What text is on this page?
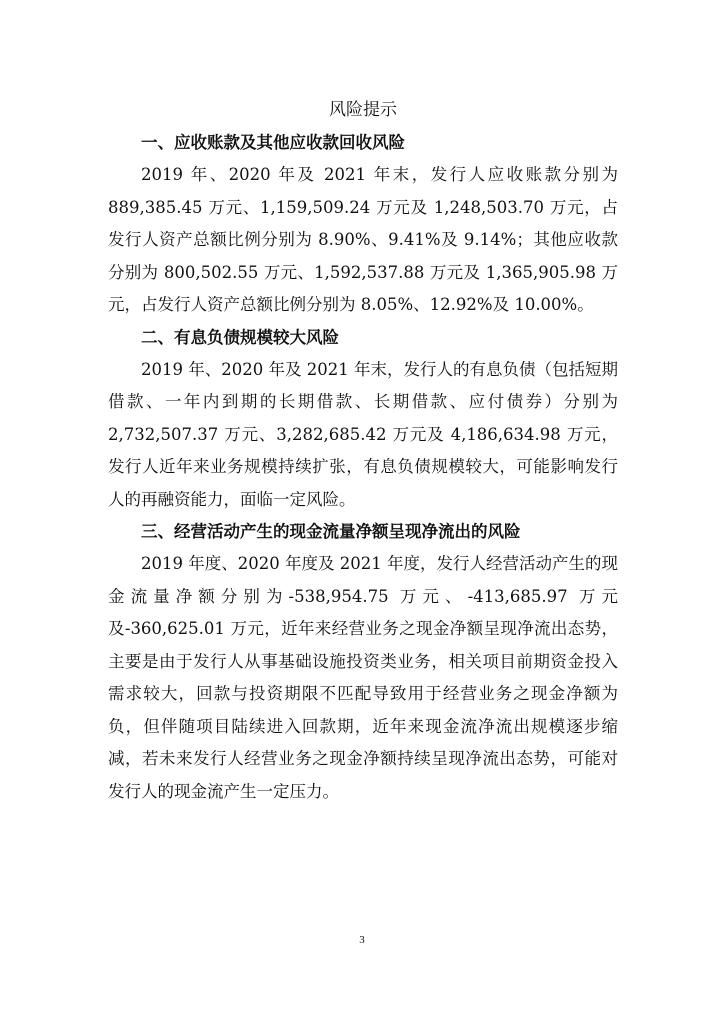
风险提示
一、应收账款及其他应收款回收风险

2019 年、2020 年及 2021 年末，发行人应收账款分别为 889,385.45 万元、1,159,509.24 万元及 1,248,503.70 万元，占发行人资产总额比例分别为 8.90%、9.41%及 9.14%；其他应收款分别为 800,502.55 万元、1,592,537.88 万元及 1,365,905.98 万元，占发行人资产总额比例分别为 8.05%、12.92%及 10.00%。

二、有息负债规模较大风险

2019 年、2020 年及 2021 年末，发行人的有息负债（包括短期借款、一年内到期的长期借款、长期借款、应付债券）分别为 2,732,507.37 万元、3,282,685.42 万元及 4,186,634.98 万元，发行人近年来业务规模持续扩张，有息负债规模较大，可能影响发行人的再融资能力，面临一定风险。

三、经营活动产生的现金流量净额呈现净流出的风险

2019 年度、2020 年度及 2021 年度，发行人经营活动产生的现金流量净额分别为-538,954.75 万元、-413,685.97 万元及-360,625.01 万元，近年来经营业务之现金净额呈现净流出态势，主要是由于发行人从事基础设施投资类业务，相关项目前期资金投入需求较大，回款与投资期限不匹配导致用于经营业务之现金净额为负，但伴随项目陆续进入回款期，近年来现金流净流出规模逐步缩减，若未来发行人经营业务之现金净额持续呈现净流出态势，可能对发行人的现金流产生一定压力。

3
